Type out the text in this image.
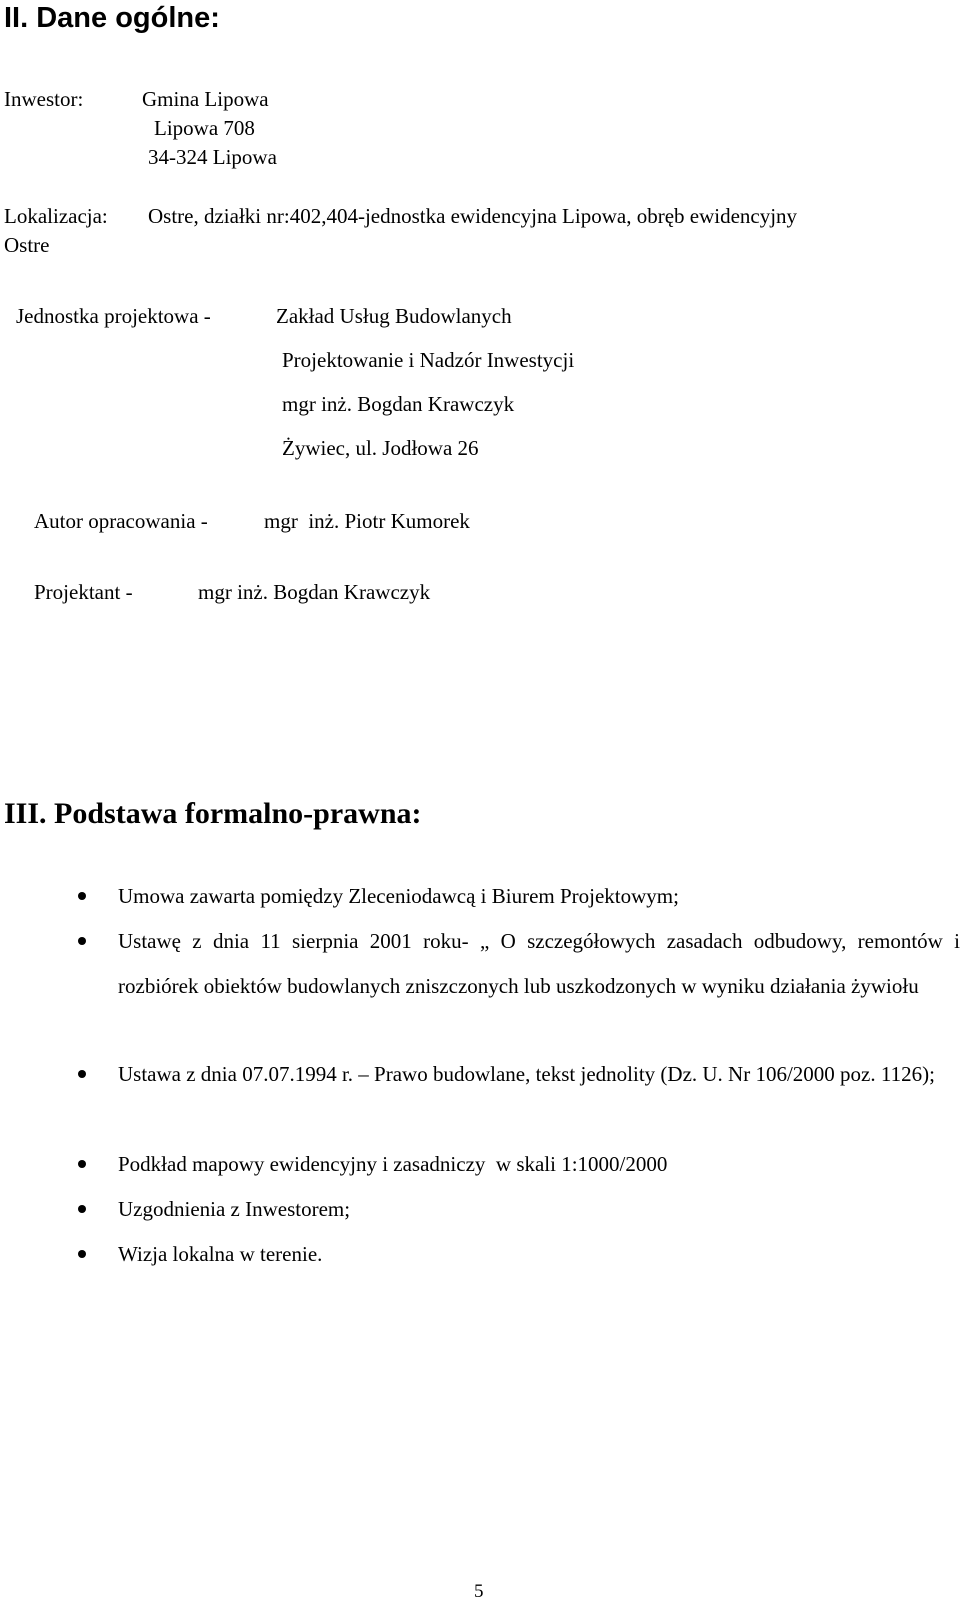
II. Dane ogólne:
Inwestor:	Gmina Lipowa
Lipowa 708
34-324 Lipowa
Lokalizacja: Ostre, działki nr:402,404-jednostka ewidencyjna Lipowa, obręb ewidencyjny
Ostre
Jednostka projektowa -	Zakład Usług Budowlanych
Projektowanie i Nadzór Inwestycji
mgr inż. Bogdan Krawczyk
Żywiec, ul. Jodłowa 26
Autor opracowania -	mgr  inż. Piotr Kumorek
Projektant -	mgr inż. Bogdan Krawczyk
III. Podstawa formalno-prawna:
Umowa zawarta pomiędzy Zleceniodawcą i Biurem Projektowym;
Ustawę z dnia 11 sierpnia 2001 roku- „ O szczegółowych zasadach odbudowy, remontów i rozbiórek obiektów budowlanych zniszczonych lub uszkodzonych w wyniku działania żywiołu
Ustawa z dnia 07.07.1994 r. – Prawo budowlane, tekst jednolity (Dz. U. Nr 106/2000 poz. 1126);
Podkład mapowy ewidencyjny i zasadniczy  w skali 1:1000/2000
Uzgodnienia z Inwestorem;
Wizja lokalna w terenie.
5
